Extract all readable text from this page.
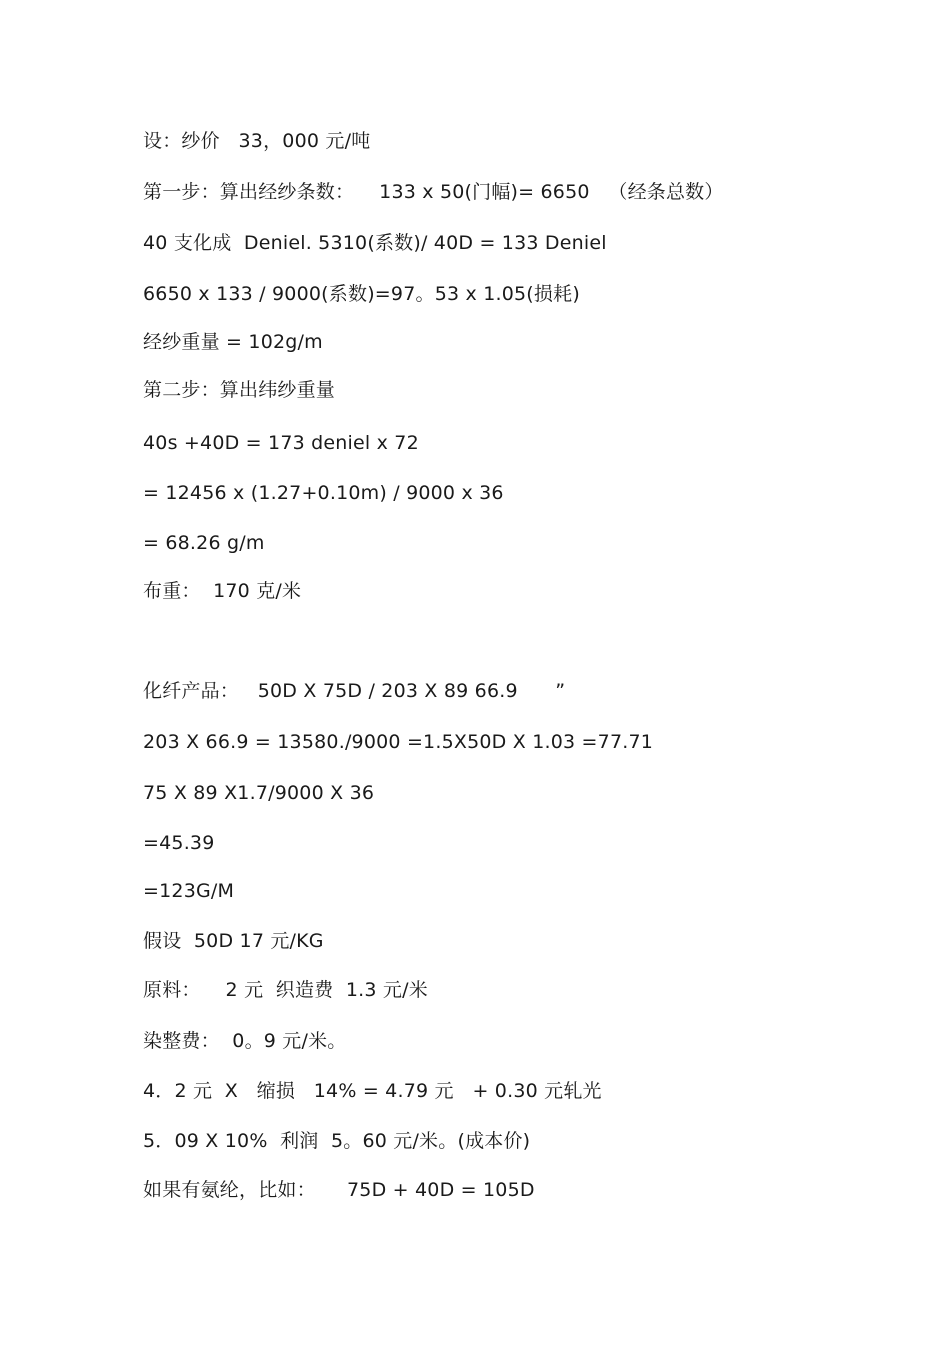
设：纱价   33，000 元/吨
第一步：算出经纱条数：    133 x 50(门幅)= 6650   （经条总数）
40 支化成  Deniel. 5310(系数)/ 40D = 133 Deniel
6650 x 133 / 9000(系数)=97。53 x 1.05(损耗)
经纱重量 = 102g/m
第二步：算出纬纱重量
40s +40D = 173 deniel x 72
= 12456 x (1.27+0.10m) / 9000 x 36
= 68.26 g/m
布重：  170 克/米
化纤产品：   50D X 75D / 203 X 89 66.9      ”
203 X 66.9 = 13580./9000 =1.5X50D X 1.03 =77.71
75 X 89 X1.7/9000 X 36
=45.39
=123G/M
假设  50D 17 元/KG
原料：    2 元  织造费  1.3 元/米
染整费：  0。9 元/米。
4．2 元  X   缩损   14% = 4.79 元   + 0.30 元轧光
5．09 X 10%  利润  5。60 元/米。(成本价)
如果有氨纶，比如：     75D + 40D = 105D
